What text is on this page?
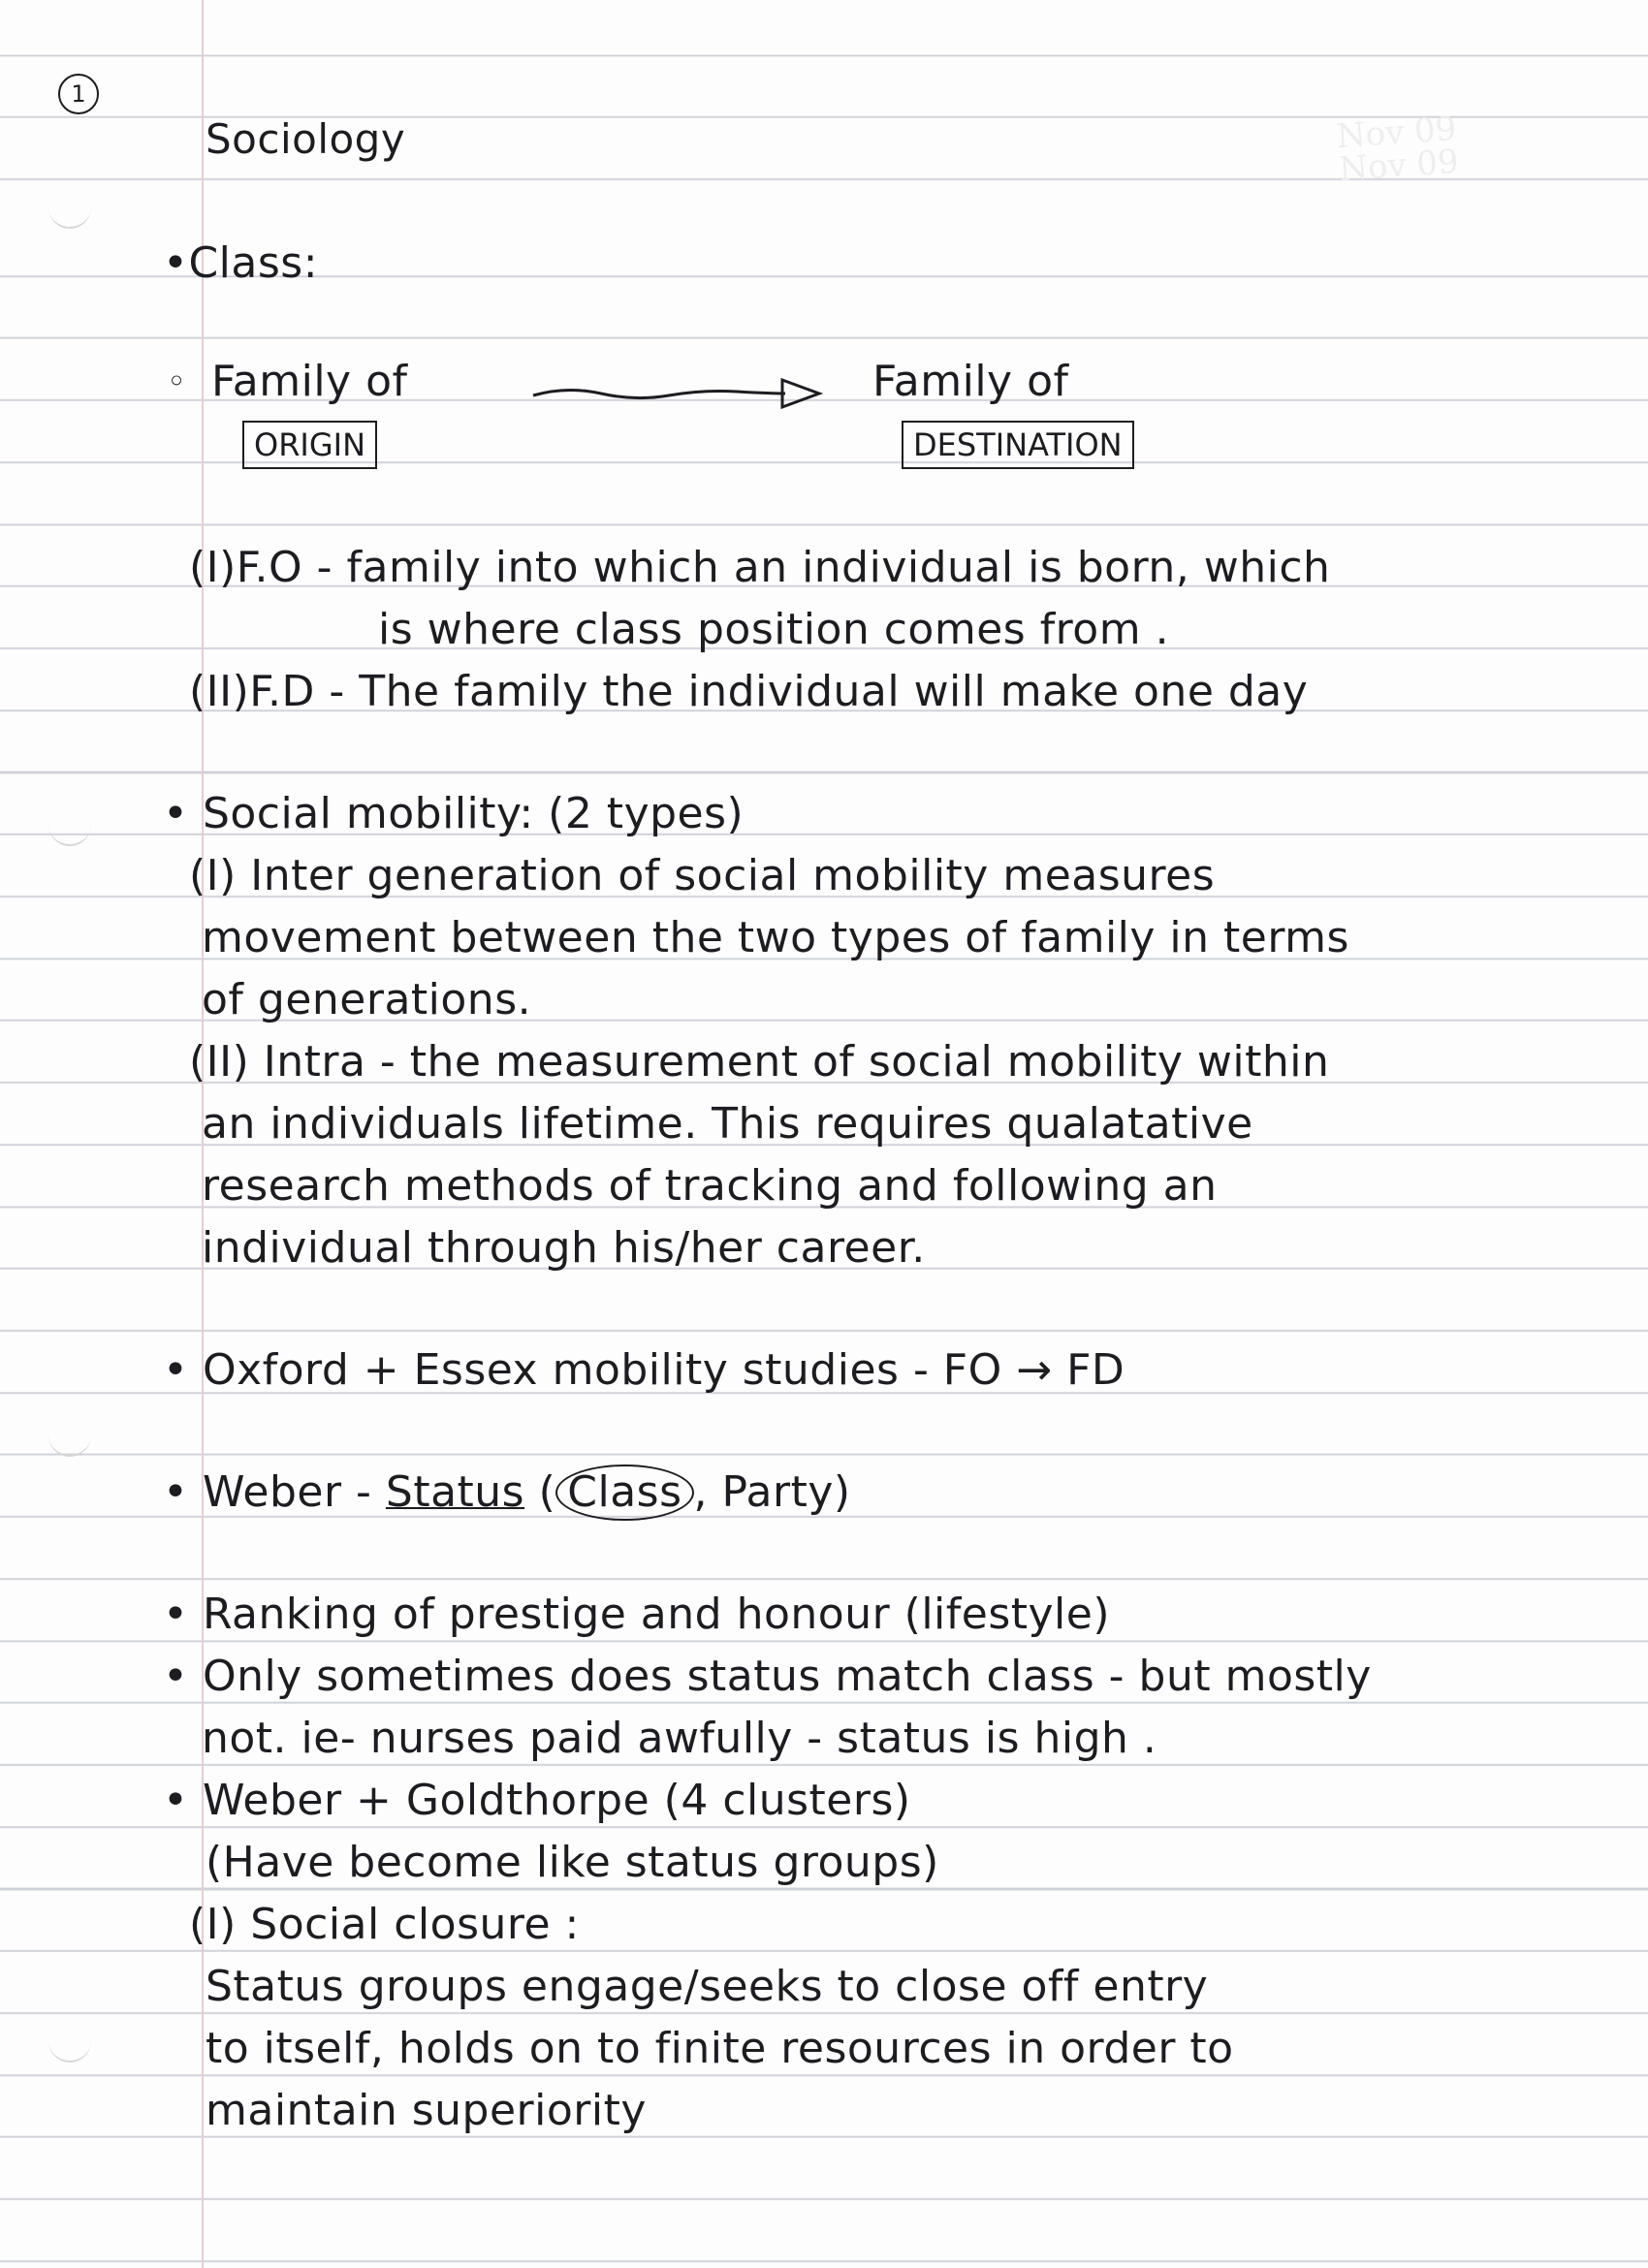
Nov 09
Nov 09
1
Sociology
•Class:
◦ Family of
ORIGIN
Family of
DESTINATION
(I)F.O - family into which an individual is born, which
is where class position comes from .
(II)F.D - The family the individual will make one day
• Social mobility: (2 types)
(I) Inter generation of social mobility measures
movement between the two types of family in terms
of generations.
(II) Intra - the measurement of social mobility within
an individuals lifetime. This requires qualatative
research methods of tracking and following an
individual through his/her career.
• Oxford + Essex mobility studies - FO → FD
• Weber - Status ( Class , Party)
• Ranking of prestige and honour (lifestyle)
• Only sometimes does status match class - but mostly
not. ie- nurses paid awfully - status is high .
• Weber + Goldthorpe (4 clusters)
(Have become like status groups)
(I) Social closure :
Status groups engage/seeks to close off entry
to itself, holds on to finite resources in order to
maintain superiority
